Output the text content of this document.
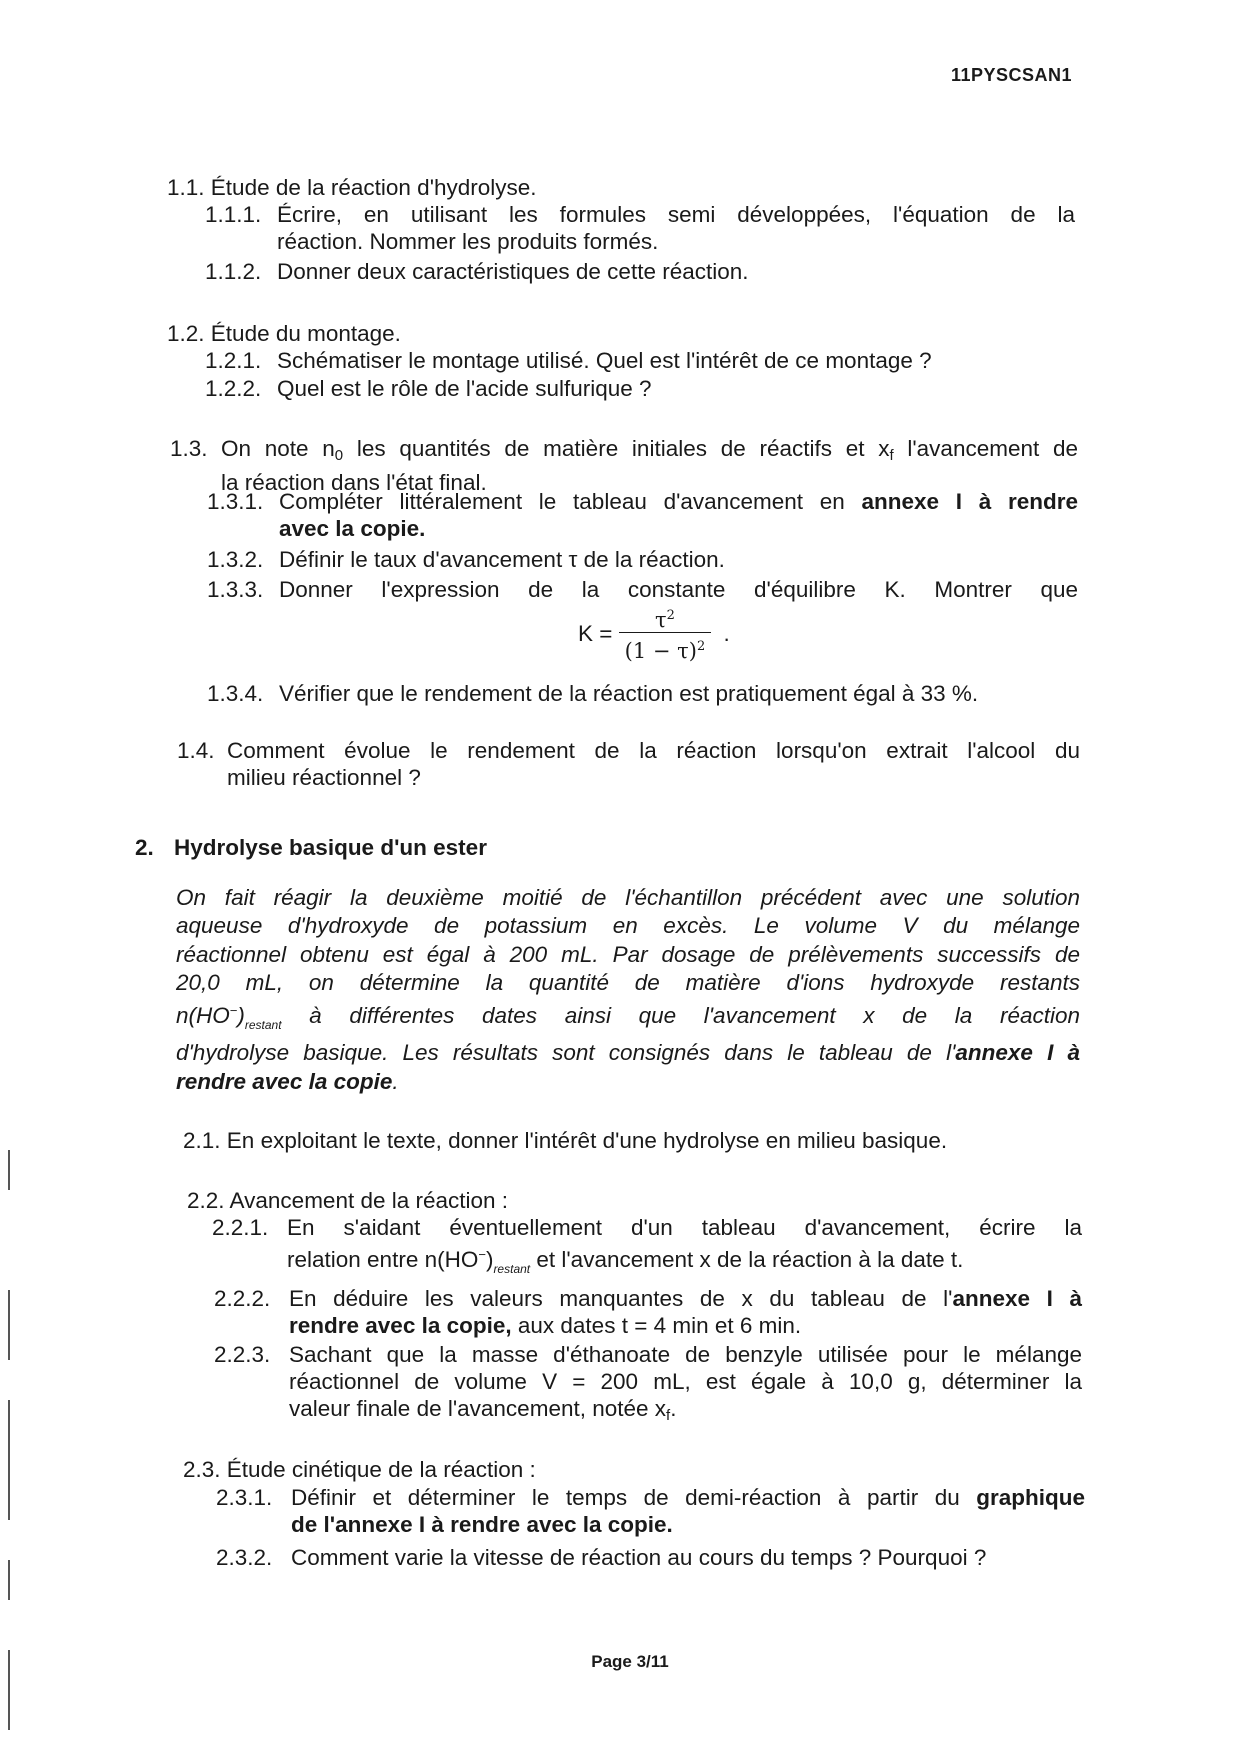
11PYSCSAN1
1.1. Étude de la réaction d'hydrolyse.
1.1.1. Écrire, en utilisant les formules semi développées, l'équation de la
réaction. Nommer les produits formés.
1.1.2. Donner deux caractéristiques de cette réaction.
1.2. Étude du montage.
1.2.1. Schématiser le montage utilisé. Quel est l'intérêt de ce montage ?
1.2.2. Quel est le rôle de l'acide sulfurique ?
1.3. On note n0 les quantités de matière initiales de réactifs et xf l'avancement de
la réaction dans l'état final.
1.3.1. Compléter littéralement le tableau d'avancement en annexe I à rendre
avec la copie.
1.3.2. Définir le taux d'avancement τ de la réaction.
1.3.3. Donner l'expression de la constante d'équilibre K. Montrer que
$K = \frac{\tau^2}{(1 - \tau)^2}$ .
1.3.4. Vérifier que le rendement de la réaction est pratiquement égal à 33 %.
1.4. Comment évolue le rendement de la réaction lorsqu'on extrait l'alcool du
milieu réactionnel ?
2. Hydrolyse basique d'un ester
On fait réagir la deuxième moitié de l'échantillon précédent avec une solution
aqueuse d'hydroxyde de potassium en excès. Le volume V du mélange
réactionnel obtenu est égal à 200 mL. Par dosage de prélèvements successifs de
20,0 mL, on détermine la quantité de matière d'ions hydroxyde restants
$n(HO^-)_{restant}$ à différentes dates ainsi que l'avancement x de la réaction
d'hydrolyse basique. Les résultats sont consignés dans le tableau de l'annexe I à
rendre avec la copie.
2.1. En exploitant le texte, donner l'intérêt d'une hydrolyse en milieu basique.
2.2. Avancement de la réaction :
2.2.1. En s'aidant éventuellement d'un tableau d'avancement, écrire la
relation entre $n(HO^-)_{restant}$ et l'avancement x de la réaction à la date t.
2.2.2. En déduire les valeurs manquantes de x du tableau de l'annexe I à
rendre avec la copie, aux dates t = 4 min et 6 min.
2.2.3. Sachant que la masse d'éthanoate de benzyle utilisée pour le mélange
réactionnel de volume V = 200 mL, est égale à 10,0 g, déterminer la
valeur finale de l'avancement, notée xf.
2.3. Étude cinétique de la réaction :
2.3.1. Définir et déterminer le temps de demi-réaction à partir du graphique
de l'annexe I à rendre avec la copie.
2.3.2. Comment varie la vitesse de réaction au cours du temps ? Pourquoi ?
Page 3/11
